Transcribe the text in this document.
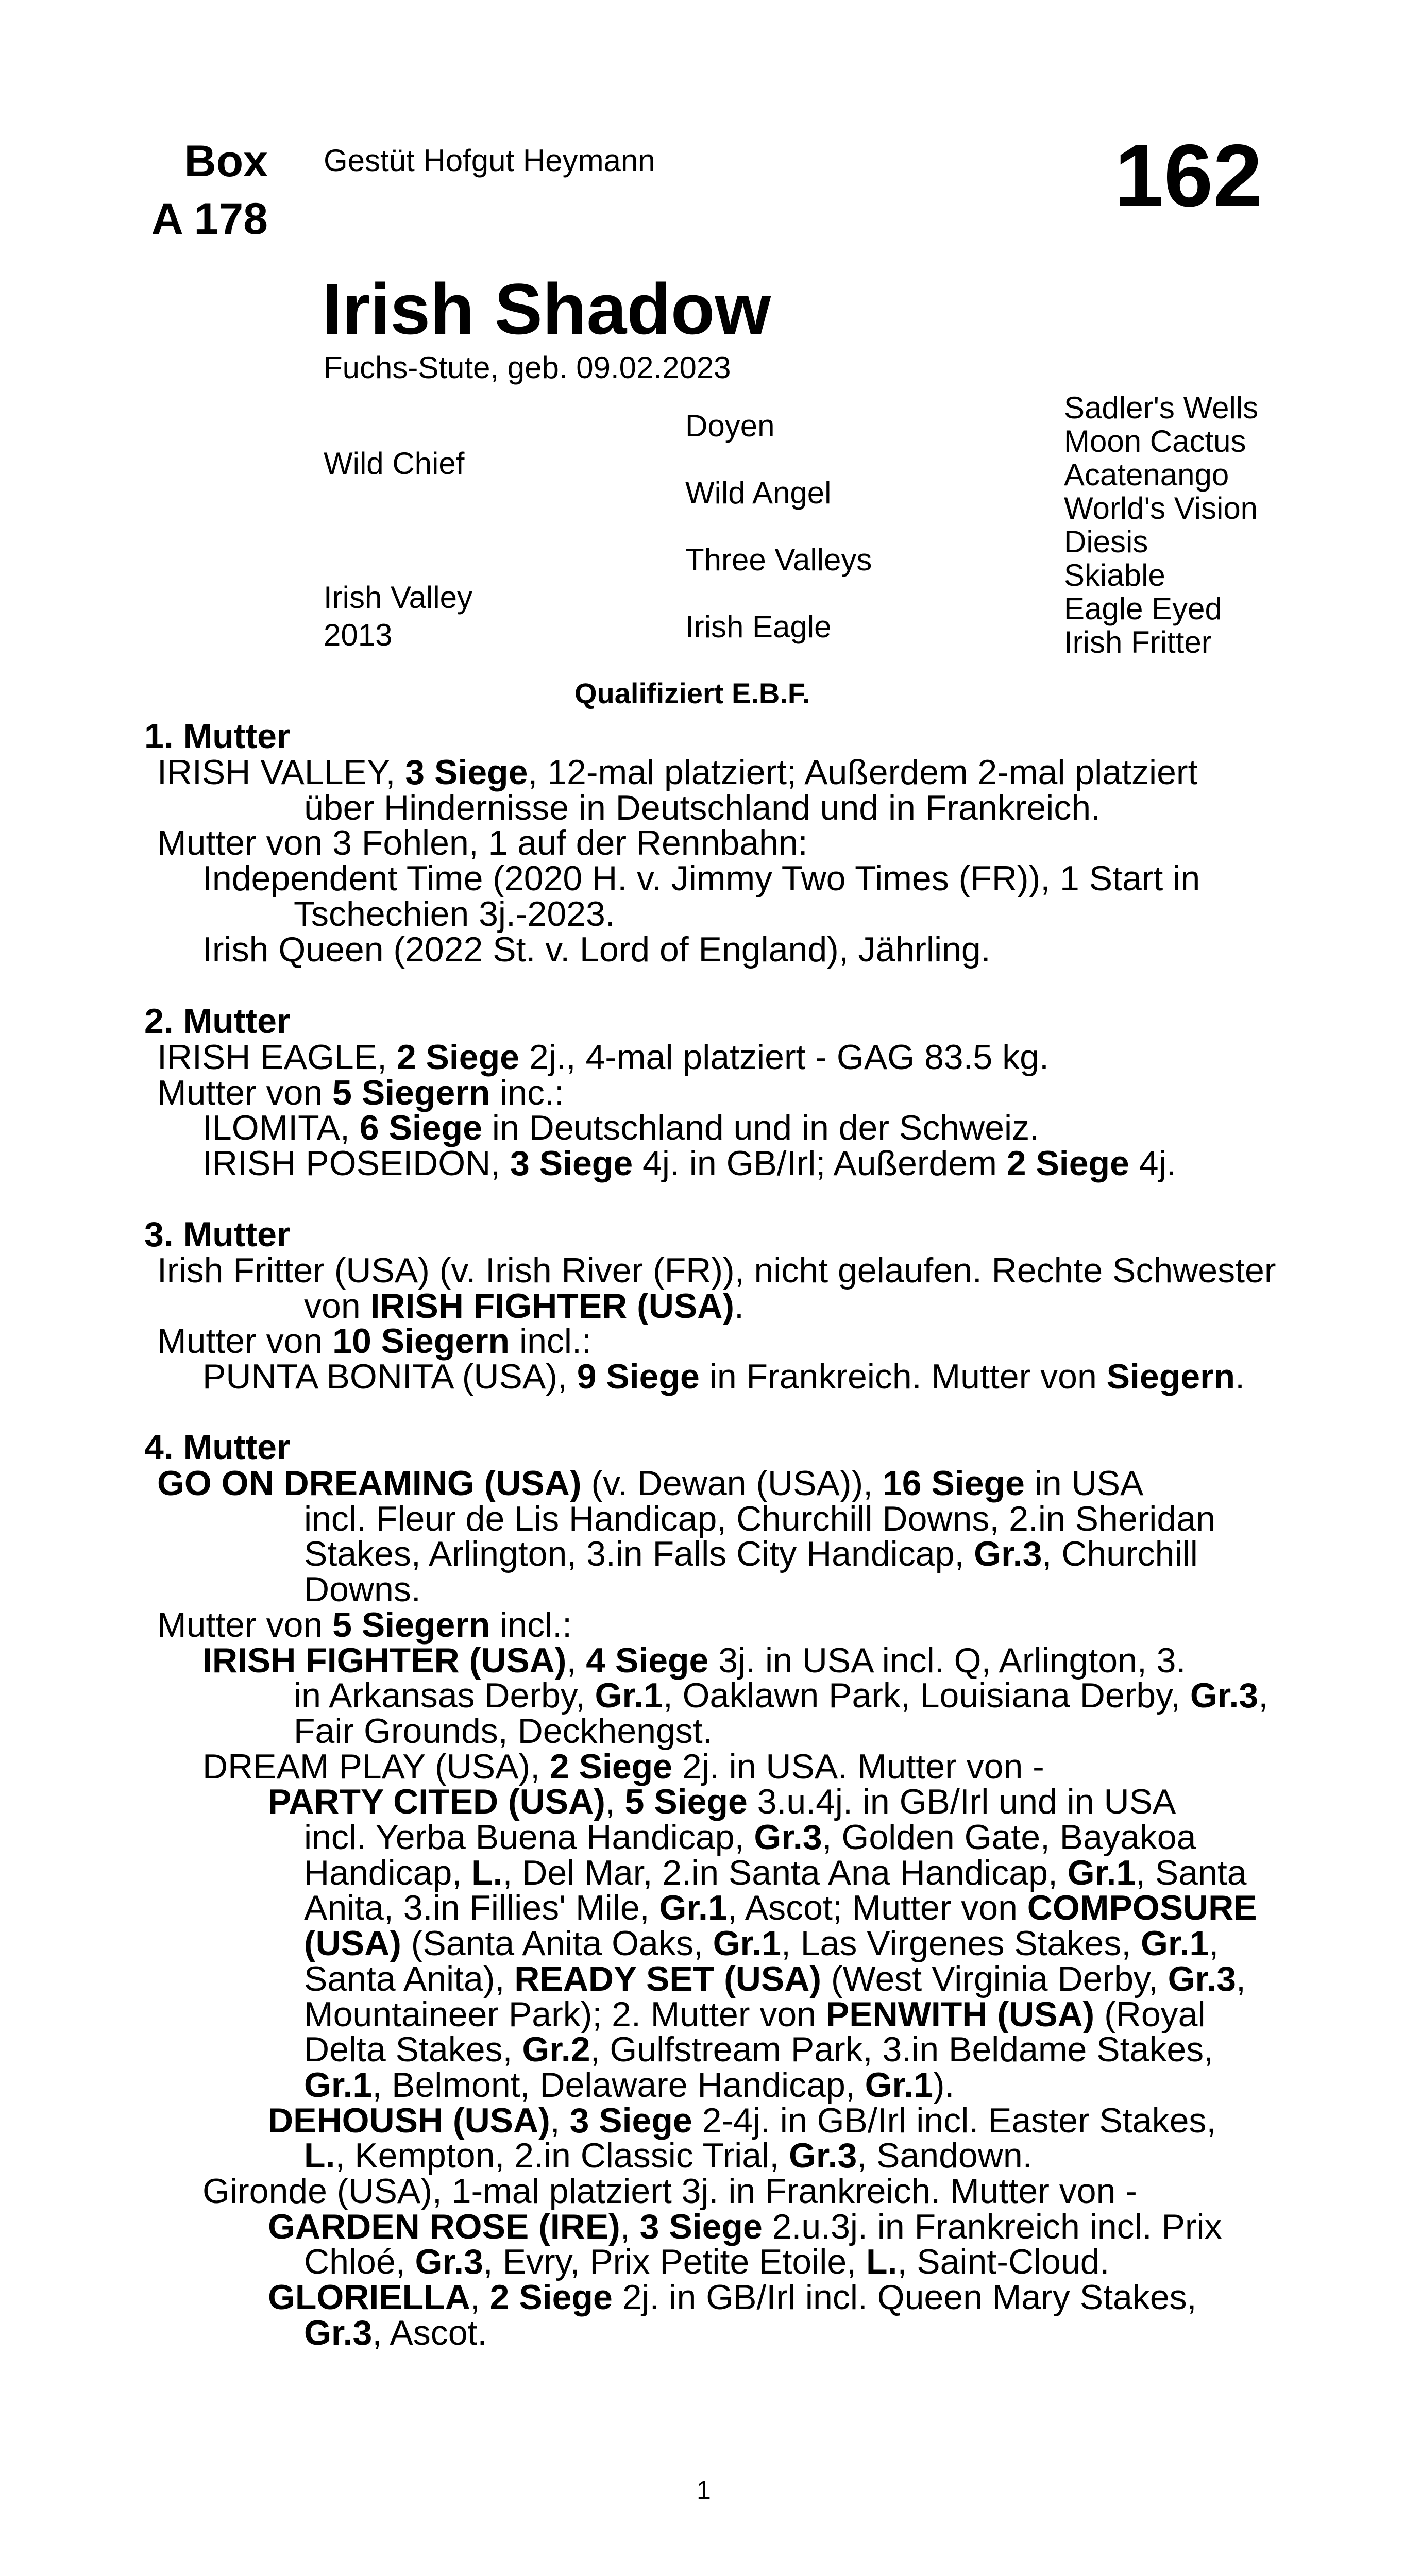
Box
A 178
Gestüt Hofgut Heymann	162
Irish Shadow
Fuchs-Stute, geb. 09.02.2023
Wild Chief
Irish Valley
2013
Doyen
Wild Angel
Three Valleys
Irish Eagle
Sadler's Wells
Moon Cactus
Acatenango
World's Vision
Diesis
Skiable
Eagle Eyed
Irish Fritter
Qualifiziert E.B.F.
1. Mutter
IRISH VALLEY, 3 Siege, 12-mal platziert; Außerdem 2-mal platziert
über Hindernisse in Deutschland und in Frankreich.
Mutter von 3 Fohlen, 1 auf der Rennbahn:
Independent Time (2020 H. v. Jimmy Two Times (FR)), 1 Start in
Tschechien 3j.-2023.
Irish Queen (2022 St. v. Lord of England), Jährling.
2. Mutter
IRISH EAGLE, 2 Siege 2j., 4-mal platziert - GAG 83.5 kg.
Mutter von 5 Siegern inc.:
ILOMITA, 6 Siege in Deutschland und in der Schweiz.
IRISH POSEIDON, 3 Siege 4j. in GB/Irl; Außerdem 2 Siege 4j.
3. Mutter
Irish Fritter (USA) (v. Irish River (FR)), nicht gelaufen. Rechte Schwester
von IRISH FIGHTER (USA).
Mutter von 10 Siegern incl.:
PUNTA BONITA (USA), 9 Siege in Frankreich. Mutter von Siegern.
4. Mutter
GO ON DREAMING (USA) (v. Dewan (USA)), 16 Siege in USA
incl. Fleur de Lis Handicap, Churchill Downs, 2.in Sheridan
Stakes, Arlington, 3.in Falls City Handicap, Gr.3, Churchill
Downs.
Mutter von 5 Siegern incl.:
IRISH FIGHTER (USA), 4 Siege 3j. in USA incl. Q, Arlington, 3.
in Arkansas Derby, Gr.1, Oaklawn Park, Louisiana Derby, Gr.3,
Fair Grounds, Deckhengst.
DREAM PLAY (USA), 2 Siege 2j. in USA. Mutter von -
PARTY CITED (USA), 5 Siege 3.u.4j. in GB/Irl und in USA
incl. Yerba Buena Handicap, Gr.3, Golden Gate, Bayakoa
Handicap, L., Del Mar, 2.in Santa Ana Handicap, Gr.1, Santa
Anita, 3.in Fillies' Mile, Gr.1, Ascot; Mutter von COMPOSURE
(USA) (Santa Anita Oaks, Gr.1, Las Virgenes Stakes, Gr.1,
Santa Anita), READY SET (USA) (West Virginia Derby, Gr.3,
Mountaineer Park); 2. Mutter von PENWITH (USA) (Royal
Delta Stakes, Gr.2, Gulfstream Park, 3.in Beldame Stakes,
Gr.1, Belmont, Delaware Handicap, Gr.1).
DEHOUSH (USA), 3 Siege 2-4j. in GB/Irl incl. Easter Stakes,
L., Kempton, 2.in Classic Trial, Gr.3, Sandown.
Gironde (USA), 1-mal platziert 3j. in Frankreich. Mutter von -
GARDEN ROSE (IRE), 3 Siege 2.u.3j. in Frankreich incl. Prix
Chloé, Gr.3, Evry, Prix Petite Etoile, L., Saint-Cloud.
GLORIELLA, 2 Siege 2j. in GB/Irl incl. Queen Mary Stakes,
Gr.3, Ascot.
1
